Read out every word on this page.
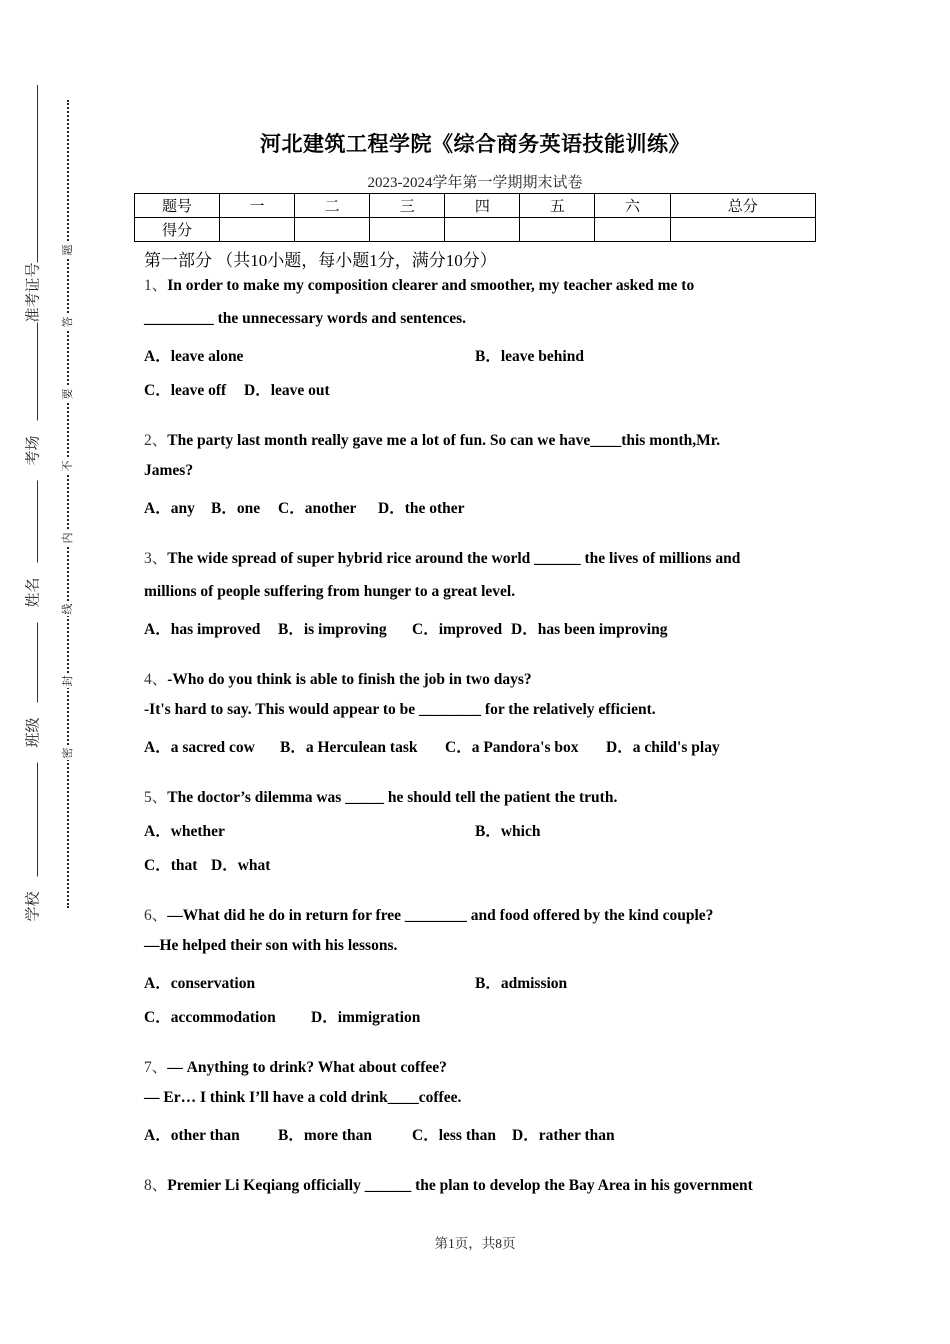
准考证号
考场
姓名
班级
学校
题
答
要
不
内
线
封
密
河北建筑工程学院《综合商务英语技能训练》
2023-2024学年第一学期期末试卷
题号	一	二	三	四	五	六	总分
得分							
第一部分 （共10小题，每小题1分，满分10分）
1、In order to make my composition clearer and smoother, my teacher asked me to
_________ the unnecessary words and sentences.
A．leave alone	B．leave behind
C．leave off D．leave out
2、The party last month really gave me a lot of fun. So can we have____this month,Mr.
James?
A．any B．one C．another D．the other
3、The wide spread of super hybrid rice around the world ______ the lives of millions and
millions of people suffering from hunger to a great level.
A．has improved B．is improving C．improved D．has been improving
4、-Who do you think is able to finish the job in two days?
-It's hard to say. This would appear to be ________ for the relatively efficient.
A．a sacred cow B．a Herculean task C．a Pandora's box D．a child's play
5、The doctor’s dilemma was _____ he should tell the patient the truth.
A．whether	B．which
C．that D．what
6、—What did he do in return for free ________ and food offered by the kind couple?
—He helped their son with his lessons.
A．conservation	B．admission
C．accommodation D．immigration
7、— Anything to drink? What about coffee?
— Er… I think I’ll have a cold drink____coffee.
A．other than B．more than	C．less than D．rather than
8、Premier Li Keqiang officially ______ the plan to develop the Bay Area in his government
第1页，共8页
